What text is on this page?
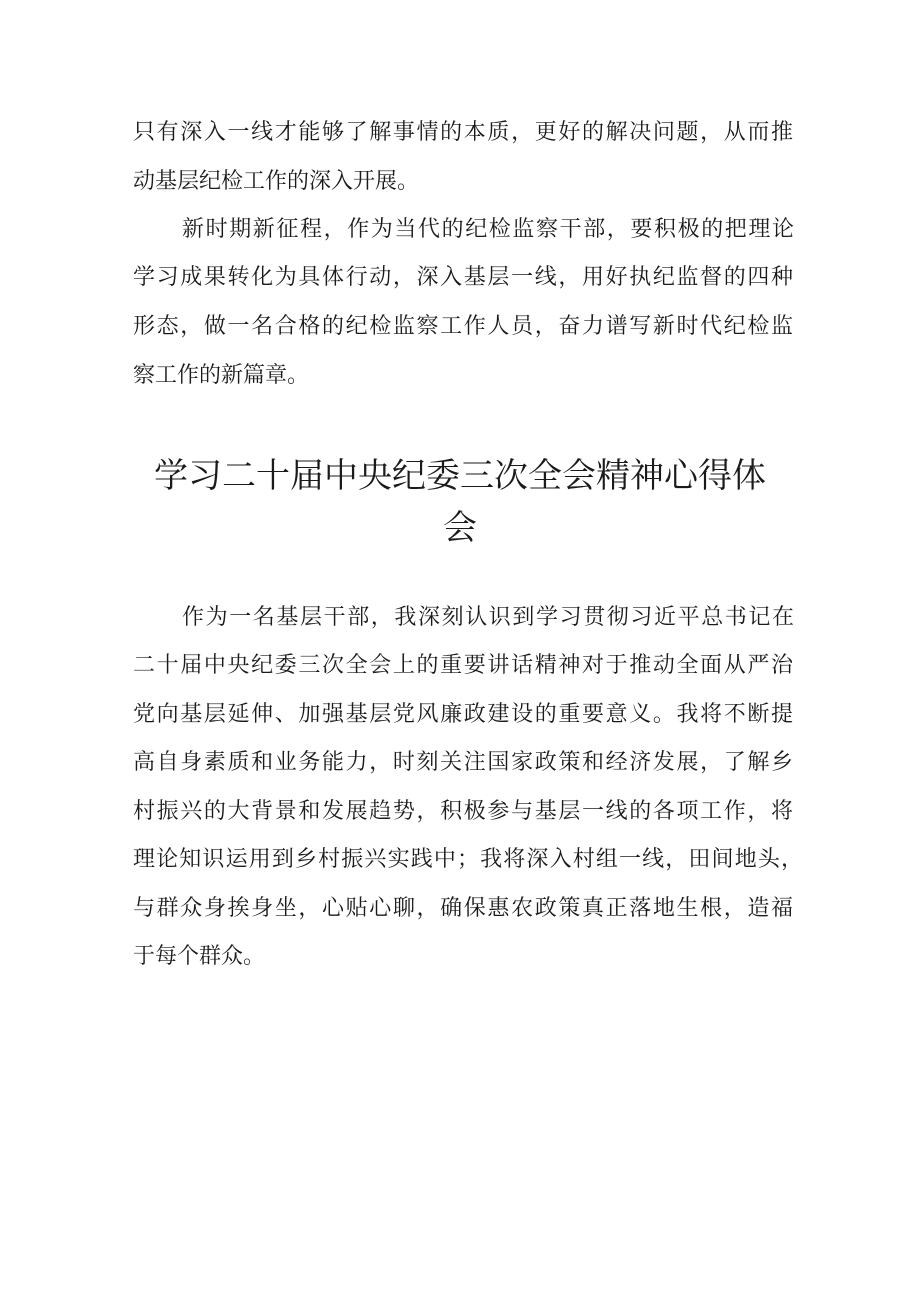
只有深入一线才能够了解事情的本质，更好的解决问题，从而推
动基层纪检工作的深入开展。
新时期新征程，作为当代的纪检监察干部，要积极的把理论
学习成果转化为具体行动，深入基层一线，用好执纪监督的四种
形态，做一名合格的纪检监察工作人员，奋力谱写新时代纪检监
察工作的新篇章。
学习二十届中央纪委三次全会精神心得体
会
作为一名基层干部，我深刻认识到学习贯彻习近平总书记在
二十届中央纪委三次全会上的重要讲话精神对于推动全面从严治
党向基层延伸、加强基层党风廉政建设的重要意义。我将不断提
高自身素质和业务能力，时刻关注国家政策和经济发展，了解乡
村振兴的大背景和发展趋势，积极参与基层一线的各项工作，将
理论知识运用到乡村振兴实践中；我将深入村组一线，田间地头，
与群众身挨身坐，心贴心聊，确保惠农政策真正落地生根，造福
于每个群众。
